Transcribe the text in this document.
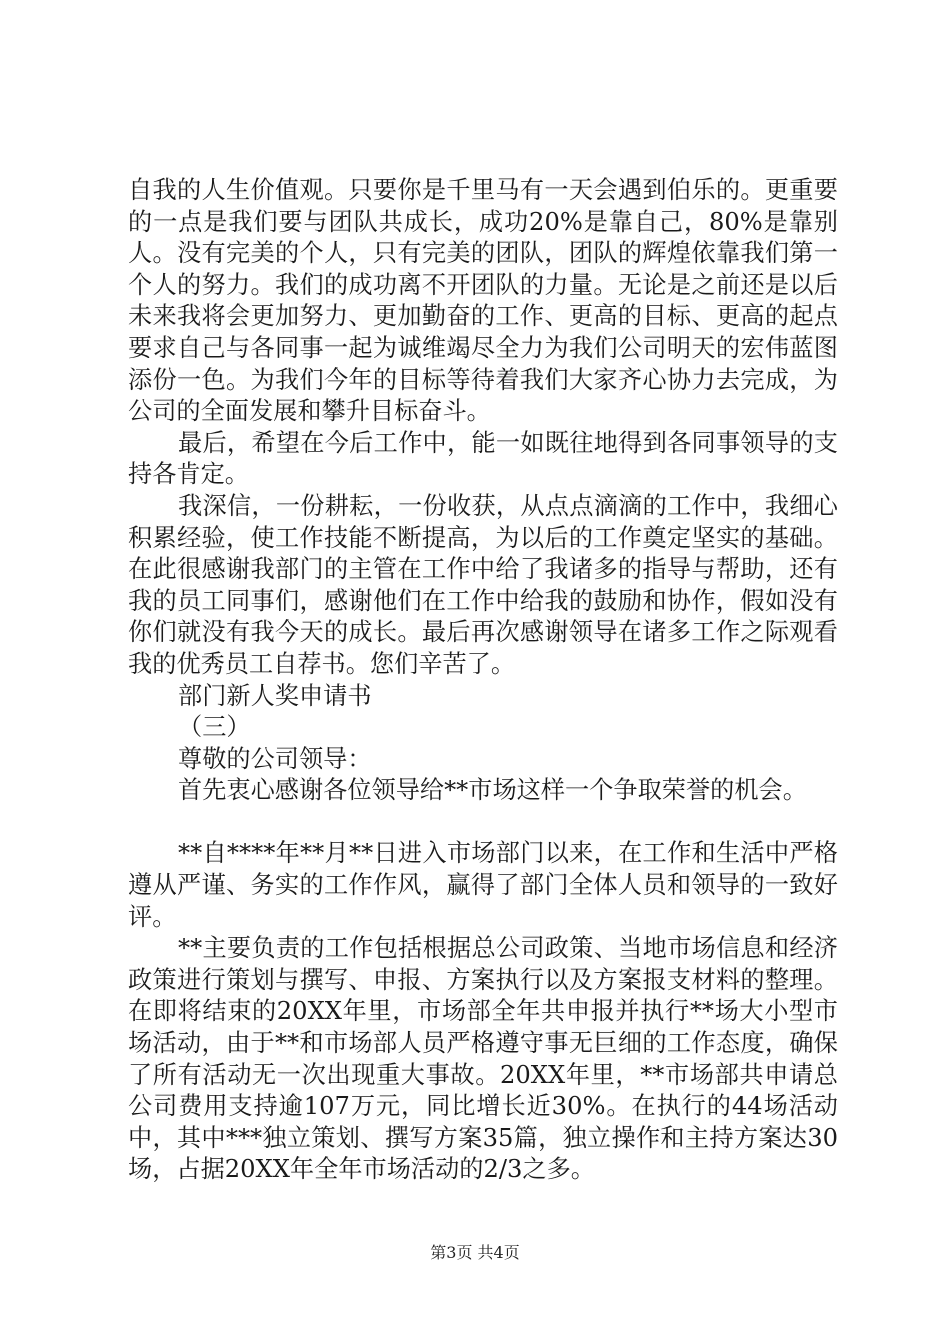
自我的人生价值观。只要你是千里马有一天会遇到伯乐的。更重要的一点是我们要与团队共成长，成功20%是靠自己，80%是靠别人。没有完美的个人，只有完美的团队，团队的辉煌依靠我们第一个人的努力。我们的成功离不开团队的力量。无论是之前还是以后未来我将会更加努力、更加勤奋的工作、更高的目标、更高的起点要求自己与各同事一起为诚维竭尽全力为我们公司明天的宏伟蓝图添份一色。为我们今年的目标等待着我们大家齐心协力去完成，为公司的全面发展和攀升目标奋斗。

最后，希望在今后工作中，能一如既往地得到各同事领导的支持各肯定。

我深信，一份耕耘，一份收获，从点点滴滴的工作中，我细心积累经验，使工作技能不断提高，为以后的工作奠定坚实的基础。在此很感谢我部门的主管在工作中给了我诸多的指导与帮助，还有我的员工同事们，感谢他们在工作中给我的鼓励和协作，假如没有你们就没有我今天的成长。最后再次感谢领导在诸多工作之际观看我的优秀员工自荐书。您们辛苦了。

部门新人奖申请书

（三）

尊敬的公司领导：

首先衷心感谢各位领导给**市场这样一个争取荣誉的机会。

**自****年**月**日进入市场部门以来，在工作和生活中严格遵从严谨、务实的工作作风，赢得了部门全体人员和领导的一致好评。

**主要负责的工作包括根据总公司政策、当地市场信息和经济政策进行策划与撰写、申报、方案执行以及方案报支材料的整理。在即将结束的20XX年里，市场部全年共申报并执行**场大小型市场活动，由于**和市场部人员严格遵守事无巨细的工作态度，确保了所有活动无一次出现重大事故。20XX年里，**市场部共申请总公司费用支持逾107万元，同比增长近30%。在执行的44场活动中，其中***独立策划、撰写方案35篇，独立操作和主持方案达30场，占据20XX年全年市场活动的2/3之多。

第3页 共4页
